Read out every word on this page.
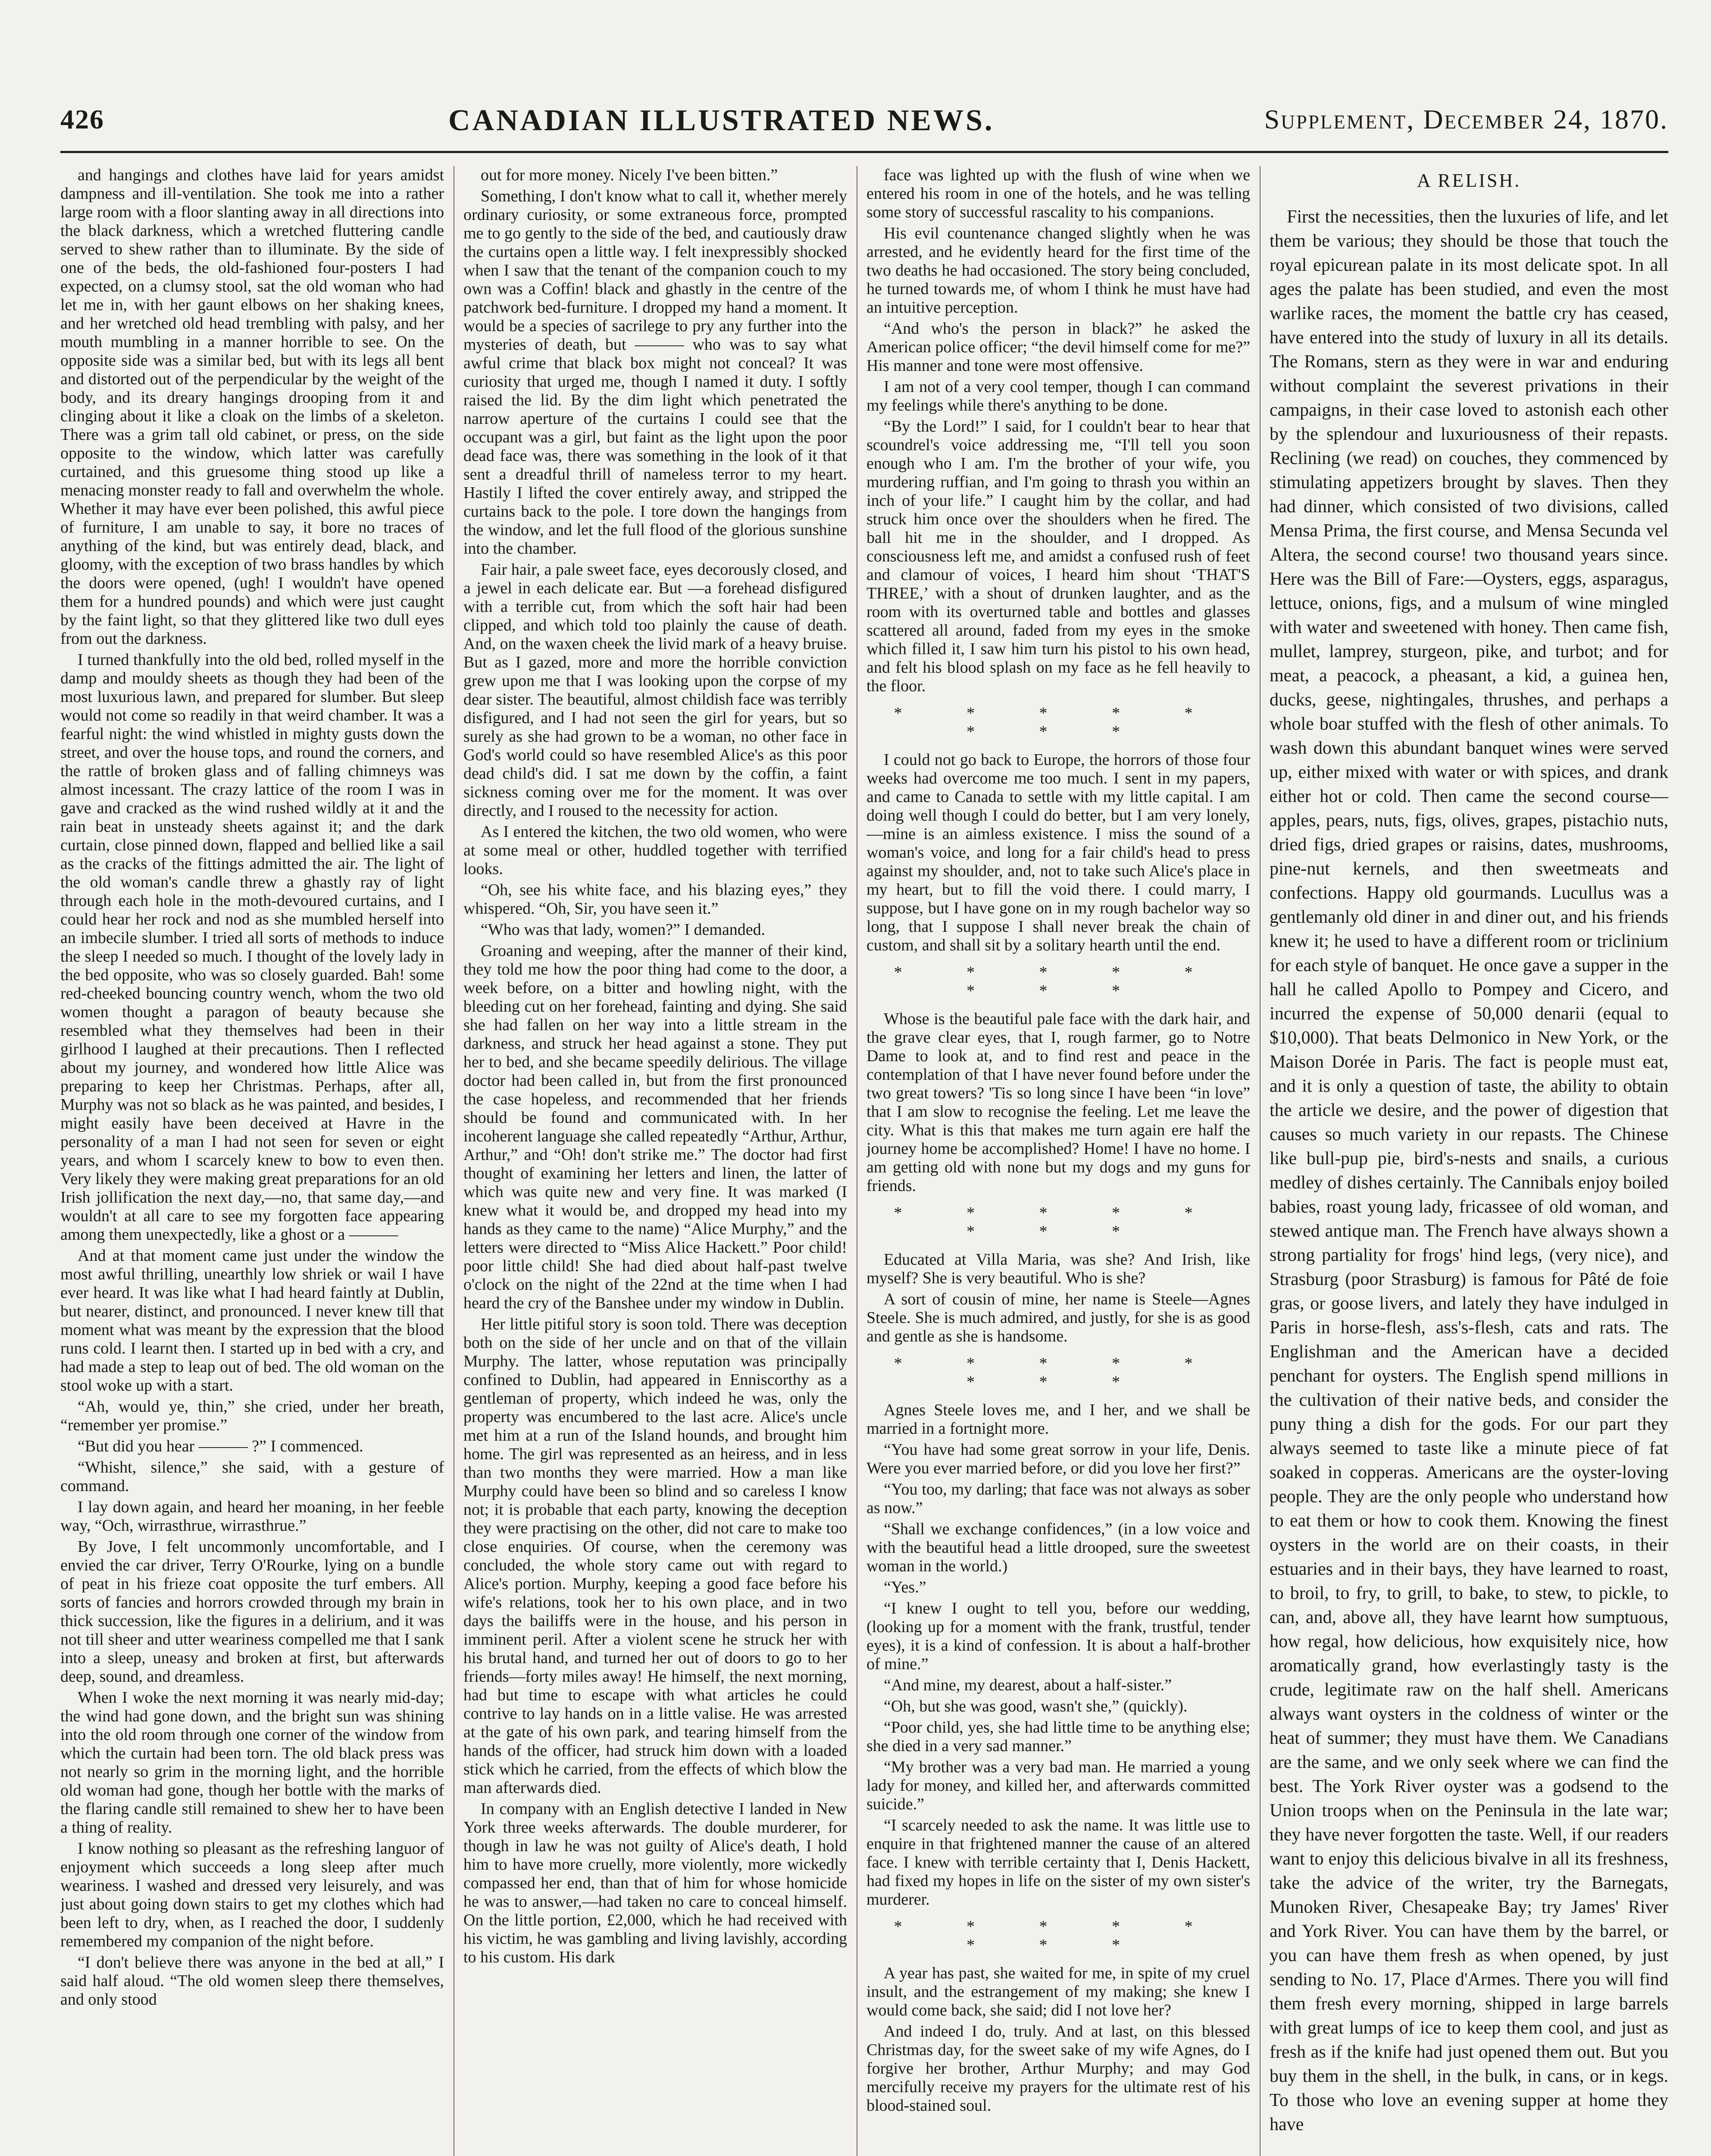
426	CANADIAN ILLUSTRATED NEWS.	Supplement, December 24, 1870.

and hangings and clothes have laid for years amidst dampness and ill-ventilation. She took me into a rather large room with a floor slanting away in all directions into the black darkness, which a wretched fluttering candle served to shew rather than to illuminate. By the side of one of the beds, the old-fashioned four-posters I had expected, on a clumsy stool, sat the old woman who had let me in, with her gaunt elbows on her shaking knees, and her wretched old head trembling with palsy, and her mouth mumbling in a manner horrible to see. On the opposite side was a similar bed, but with its legs all bent and distorted out of the perpendicular by the weight of the body, and its dreary hangings drooping from it and clinging about it like a cloak on the limbs of a skeleton. There was a grim tall old cabinet, or press, on the side opposite to the window, which latter was carefully curtained, and this gruesome thing stood up like a menacing monster ready to fall and overwhelm the whole. Whether it may have ever been polished, this awful piece of furniture, I am unable to say, it bore no traces of anything of the kind, but was entirely dead, black, and gloomy, with the exception of two brass handles by which the doors were opened, (ugh! I wouldn't have opened them for a hundred pounds) and which were just caught by the faint light, so that they glittered like two dull eyes from out the darkness.

I turned thankfully into the old bed, rolled myself in the damp and mouldy sheets as though they had been of the most luxurious lawn, and prepared for slumber. But sleep would not come so readily in that weird chamber. It was a fearful night: the wind whistled in mighty gusts down the street, and over the house tops, and round the corners, and the rattle of broken glass and of falling chimneys was almost incessant. The crazy lattice of the room I was in gave and cracked as the wind rushed wildly at it and the rain beat in unsteady sheets against it; and the dark curtain, close pinned down, flapped and bellied like a sail as the cracks of the fittings admitted the air. The light of the old woman's candle threw a ghastly ray of light through each hole in the moth-devoured curtains, and I could hear her rock and nod as she mumbled herself into an imbecile slumber. I tried all sorts of methods to induce the sleep I needed so much. I thought of the lovely lady in the bed opposite, who was so closely guarded. Bah! some red-cheeked bouncing country wench, whom the two old women thought a paragon of beauty because she resembled what they themselves had been in their girlhood I laughed at their precautions. Then I reflected about my journey, and wondered how little Alice was preparing to keep her Christmas. Perhaps, after all, Murphy was not so black as he was painted, and besides, I might easily have been deceived at Havre in the personality of a man I had not seen for seven or eight years, and whom I scarcely knew to bow to even then. Very likely they were making great preparations for an old Irish jollification the next day,—no, that same day,—and wouldn't at all care to see my forgotten face appearing among them unexpectedly, like a ghost or a ———

And at that moment came just under the window the most awful thrilling, unearthly low shriek or wail I have ever heard. It was like what I had heard faintly at Dublin, but nearer, distinct, and pronounced. I never knew till that moment what was meant by the expression that the blood runs cold. I learnt then. I started up in bed with a cry, and had made a step to leap out of bed. The old woman on the stool woke up with a start.

“Ah, would ye, thin,” she cried, under her breath, “remember yer promise.”

“But did you hear ——— ?” I commenced.

“Whisht, silence,” she said, with a gesture of command.

I lay down again, and heard her moaning, in her feeble way, “Och, wirrasthrue, wirrasthrue.”

By Jove, I felt uncommonly uncomfortable, and I envied the car driver, Terry O'Rourke, lying on a bundle of peat in his frieze coat opposite the turf embers. All sorts of fancies and horrors crowded through my brain in thick succession, like the figures in a delirium, and it was not till sheer and utter weariness compelled me that I sank into a sleep, uneasy and broken at first, but afterwards deep, sound, and dreamless.

When I woke the next morning it was nearly mid-day; the wind had gone down, and the bright sun was shining into the old room through one corner of the window from which the curtain had been torn. The old black press was not nearly so grim in the morning light, and the horrible old woman had gone, though her bottle with the marks of the flaring candle still remained to shew her to have been a thing of reality.

I know nothing so pleasant as the refreshing languor of enjoyment which succeeds a long sleep after much weariness. I washed and dressed very leisurely, and was just about going down stairs to get my clothes which had been left to dry, when, as I reached the door, I suddenly remembered my companion of the night before.

“I don't believe there was anyone in the bed at all,” I said half aloud. “The old women sleep there themselves, and only stood

out for more money. Nicely I've been bitten.”

Something, I don't know what to call it, whether merely ordinary curiosity, or some extraneous force, prompted me to go gently to the side of the bed, and cautiously draw the curtains open a little way. I felt inexpressibly shocked when I saw that the tenant of the companion couch to my own was a Coffin! black and ghastly in the centre of the patchwork bed-furniture. I dropped my hand a moment. It would be a species of sacrilege to pry any further into the mysteries of death, but ——— who was to say what awful crime that black box might not conceal? It was curiosity that urged me, though I named it duty. I softly raised the lid. By the dim light which penetrated the narrow aperture of the curtains I could see that the occupant was a girl, but faint as the light upon the poor dead face was, there was something in the look of it that sent a dreadful thrill of nameless terror to my heart. Hastily I lifted the cover entirely away, and stripped the curtains back to the pole. I tore down the hangings from the window, and let the full flood of the glorious sunshine into the chamber.

Fair hair, a pale sweet face, eyes decorously closed, and a jewel in each delicate ear. But —a forehead disfigured with a terrible cut, from which the soft hair had been clipped, and which told too plainly the cause of death. And, on the waxen cheek the livid mark of a heavy bruise. But as I gazed, more and more the horrible conviction grew upon me that I was looking upon the corpse of my dear sister. The beautiful, almost childish face was terribly disfigured, and I had not seen the girl for years, but so surely as she had grown to be a woman, no other face in God's world could so have resembled Alice's as this poor dead child's did. I sat me down by the coffin, a faint sickness coming over me for the moment. It was over directly, and I roused to the necessity for action.

As I entered the kitchen, the two old women, who were at some meal or other, huddled together with terrified looks.

“Oh, see his white face, and his blazing eyes,” they whispered. “Oh, Sir, you have seen it.”

“Who was that lady, women?” I demanded.

Groaning and weeping, after the manner of their kind, they told me how the poor thing had come to the door, a week before, on a bitter and howling night, with the bleeding cut on her forehead, fainting and dying. She said she had fallen on her way into a little stream in the darkness, and struck her head against a stone. They put her to bed, and she became speedily delirious. The village doctor had been called in, but from the first pronounced the case hopeless, and recommended that her friends should be found and communicated with. In her incoherent language she called repeatedly “Arthur, Arthur, Arthur,” and “Oh! don't strike me.” The doctor had first thought of examining her letters and linen, the latter of which was quite new and very fine. It was marked (I knew what it would be, and dropped my head into my hands as they came to the name) “Alice Murphy,” and the letters were directed to “Miss Alice Hackett.” Poor child! poor little child! She had died about half-past twelve o'clock on the night of the 22nd at the time when I had heard the cry of the Banshee under my window in Dublin.

Her little pitiful story is soon told. There was deception both on the side of her uncle and on that of the villain Murphy. The latter, whose reputation was principally confined to Dublin, had appeared in Enniscorthy as a gentleman of property, which indeed he was, only the property was encumbered to the last acre. Alice's uncle met him at a run of the Island hounds, and brought him home. The girl was represented as an heiress, and in less than two months they were married. How a man like Murphy could have been so blind and so careless I know not; it is probable that each party, knowing the deception they were practising on the other, did not care to make too close enquiries. Of course, when the ceremony was concluded, the whole story came out with regard to Alice's portion. Murphy, keeping a good face before his wife's relations, took her to his own place, and in two days the bailiffs were in the house, and his person in imminent peril. After a violent scene he struck her with his brutal hand, and turned her out of doors to go to her friends—forty miles away! He himself, the next morning, had but time to escape with what articles he could contrive to lay hands on in a little valise. He was arrested at the gate of his own park, and tearing himself from the hands of the officer, had struck him down with a loaded stick which he carried, from the effects of which blow the man afterwards died.

In company with an English detective I landed in New York three weeks afterwards. The double murderer, for though in law he was not guilty of Alice's death, I hold him to have more cruelly, more violently, more wickedly compassed her end, than that of him for whose homicide he was to answer,—had taken no care to conceal himself. On the little portion, £2,000, which he had received with his victim, he was gambling and living lavishly, according to his custom. His dark

face was lighted up with the flush of wine when we entered his room in one of the hotels, and he was telling some story of successful rascality to his companions.

His evil countenance changed slightly when he was arrested, and he evidently heard for the first time of the two deaths he had occasioned. The story being concluded, he turned towards me, of whom I think he must have had an intuitive perception.

“And who's the person in black?” he asked the American police officer; “the devil himself come for me?” His manner and tone were most offensive.

I am not of a very cool temper, though I can command my feelings while there's anything to be done.

“By the Lord!” I said, for I couldn't bear to hear that scoundrel's voice addressing me, “I'll tell you soon enough who I am. I'm the brother of your wife, you murdering ruffian, and I'm going to thrash you within an inch of your life.” I caught him by the collar, and had struck him once over the shoulders when he fired. The ball hit me in the shoulder, and I dropped. As consciousness left me, and amidst a confused rush of feet and clamour of voices, I heard him shout ‘THAT'S THREE,’ with a shout of drunken laughter, and as the room with its overturned table and bottles and glasses scattered all around, faded from my eyes in the smoke which filled it, I saw him turn his pistol to his own head, and felt his blood splash on my face as he fell heavily to the floor.

* * * * * * * *

I could not go back to Europe, the horrors of those four weeks had overcome me too much. I sent in my papers, and came to Canada to settle with my little capital. I am doing well though I could do better, but I am very lonely,—mine is an aimless existence. I miss the sound of a woman's voice, and long for a fair child's head to press against my shoulder, and, not to take such Alice's place in my heart, but to fill the void there. I could marry, I suppose, but I have gone on in my rough bachelor way so long, that I suppose I shall never break the chain of custom, and shall sit by a solitary hearth until the end.

* * * * * * * *

Whose is the beautiful pale face with the dark hair, and the grave clear eyes, that I, rough farmer, go to Notre Dame to look at, and to find rest and peace in the contemplation of that I have never found before under the two great towers? 'Tis so long since I have been “in love” that I am slow to recognise the feeling. Let me leave the city. What is this that makes me turn again ere half the journey home be accomplished? Home! I have no home. I am getting old with none but my dogs and my guns for friends.

* * * * * * * *

Educated at Villa Maria, was she? And Irish, like myself? She is very beautiful. Who is she?

A sort of cousin of mine, her name is Steele—Agnes Steele. She is much admired, and justly, for she is as good and gentle as she is handsome.

* * * * * * * *

Agnes Steele loves me, and I her, and we shall be married in a fortnight more.

“You have had some great sorrow in your life, Denis. Were you ever married before, or did you love her first?”

“You too, my darling; that face was not always as sober as now.”

“Shall we exchange confidences,” (in a low voice and with the beautiful head a little drooped, sure the sweetest woman in the world.)

“Yes.”

“I knew I ought to tell you, before our wedding, (looking up for a moment with the frank, trustful, tender eyes), it is a kind of confession. It is about a half-brother of mine.”

“And mine, my dearest, about a half-sister.”

“Oh, but she was good, wasn't she,” (quickly).

“Poor child, yes, she had little time to be anything else; she died in a very sad manner.”

“My brother was a very bad man. He married a young lady for money, and killed her, and afterwards committed suicide.”

“I scarcely needed to ask the name. It was little use to enquire in that frightened manner the cause of an altered face. I knew with terrible certainty that I, Denis Hackett, had fixed my hopes in life on the sister of my own sister's murderer.

* * * * * * * *

A year has past, she waited for me, in spite of my cruel insult, and the estrangement of my making; she knew I would come back, she said; did I not love her?

And indeed I do, truly. And at last, on this blessed Christmas day, for the sweet sake of my wife Agnes, do I forgive her brother, Arthur Murphy; and may God mercifully receive my prayers for the ultimate rest of his blood-stained soul.

A RELISH.

First the necessities, then the luxuries of life, and let them be various; they should be those that touch the royal epicurean palate in its most delicate spot. In all ages the palate has been studied, and even the most warlike races, the moment the battle cry has ceased, have entered into the study of luxury in all its details. The Romans, stern as they were in war and enduring without complaint the severest privations in their campaigns, in their case loved to astonish each other by the splendour and luxuriousness of their repasts. Reclining (we read) on couches, they commenced by stimulating appetizers brought by slaves. Then they had dinner, which consisted of two divisions, called Mensa Prima, the first course, and Mensa Secunda vel Altera, the second course! two thousand years since. Here was the Bill of Fare:—Oysters, eggs, asparagus, lettuce, onions, figs, and a mulsum of wine mingled with water and sweetened with honey. Then came fish, mullet, lamprey, sturgeon, pike, and turbot; and for meat, a peacock, a pheasant, a kid, a guinea hen, ducks, geese, nightingales, thrushes, and perhaps a whole boar stuffed with the flesh of other animals. To wash down this abundant banquet wines were served up, either mixed with water or with spices, and drank either hot or cold. Then came the second course—apples, pears, nuts, figs, olives, grapes, pistachio nuts, dried figs, dried grapes or raisins, dates, mushrooms, pine-nut kernels, and then sweetmeats and confections. Happy old gourmands. Lucullus was a gentlemanly old diner in and diner out, and his friends knew it; he used to have a different room or triclinium for each style of banquet. He once gave a supper in the hall he called Apollo to Pompey and Cicero, and incurred the expense of 50,000 denarii (equal to $10,000). That beats Delmonico in New York, or the Maison Dorée in Paris. The fact is people must eat, and it is only a question of taste, the ability to obtain the article we desire, and the power of digestion that causes so much variety in our repasts. The Chinese like bull-pup pie, bird's-nests and snails, a curious medley of dishes certainly. The Cannibals enjoy boiled babies, roast young lady, fricassee of old woman, and stewed antique man. The French have always shown a strong partiality for frogs' hind legs, (very nice), and Strasburg (poor Strasburg) is famous for Pâté de foie gras, or goose livers, and lately they have indulged in Paris in horse-flesh, ass's-flesh, cats and rats. The Englishman and the American have a decided penchant for oysters. The English spend millions in the cultivation of their native beds, and consider the puny thing a dish for the gods. For our part they always seemed to taste like a minute piece of fat soaked in copperas. Americans are the oyster-loving people. They are the only people who understand how to eat them or how to cook them. Knowing the finest oysters in the world are on their coasts, in their estuaries and in their bays, they have learned to roast, to broil, to fry, to grill, to bake, to stew, to pickle, to can, and, above all, they have learnt how sumptuous, how regal, how delicious, how exquisitely nice, how aromatically grand, how everlastingly tasty is the crude, legitimate raw on the half shell. Americans always want oysters in the coldness of winter or the heat of summer; they must have them. We Canadians are the same, and we only seek where we can find the best. The York River oyster was a godsend to the Union troops when on the Peninsula in the late war; they have never forgotten the taste. Well, if our readers want to enjoy this delicious bivalve in all its freshness, take the advice of the writer, try the Barnegats, Munoken River, Chesapeake Bay; try James' River and York River. You can have them by the barrel, or you can have them fresh as when opened, by just sending to No. 17, Place d'Armes. There you will find them fresh every morning, shipped in large barrels with great lumps of ice to keep them cool, and just as fresh as if the knife had just opened them out. But you buy them in the shell, in the bulk, in cans, or in kegs. To those who love an evening supper at home they have
